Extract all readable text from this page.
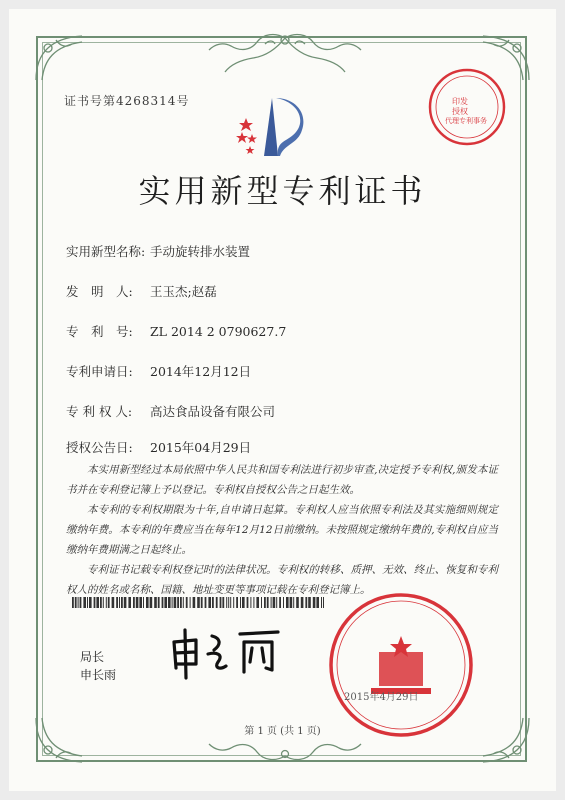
证书号第4268314号	印发
授权
代理专利事务
实用新型专利证书
实用新型名称: 手动旋转排水装置
发　明　人: 王玉杰;赵磊
专　利　号: ZL 2014 2 0790627.7
专利申请日: 2014年12月12日
专 利 权 人: 高达食品设备有限公司
授权公告日: 2015年04月29日

本实用新型经过本局依照中华人民共和国专利法进行初步审查,决定授予专利权,颁发本证书并在专利登记簿上予以登记。专利权自授权公告之日起生效。

本专利的专利权期限为十年,自申请日起算。专利权人应当依照专利法及其实施细则规定缴纳年费。本专利的年费应当在每年12月12日前缴纳。未按照规定缴纳年费的,专利权自应当缴纳年费期满之日起终止。

专利证书记载专利权登记时的法律状况。专利权的转移、质押、无效、终止、恢复和专利权人的姓名或名称、国籍、地址变更等事项记载在专利登记簿上。

局长
申长雨
2015年4月29日
第 1 页 (共 1 页)
